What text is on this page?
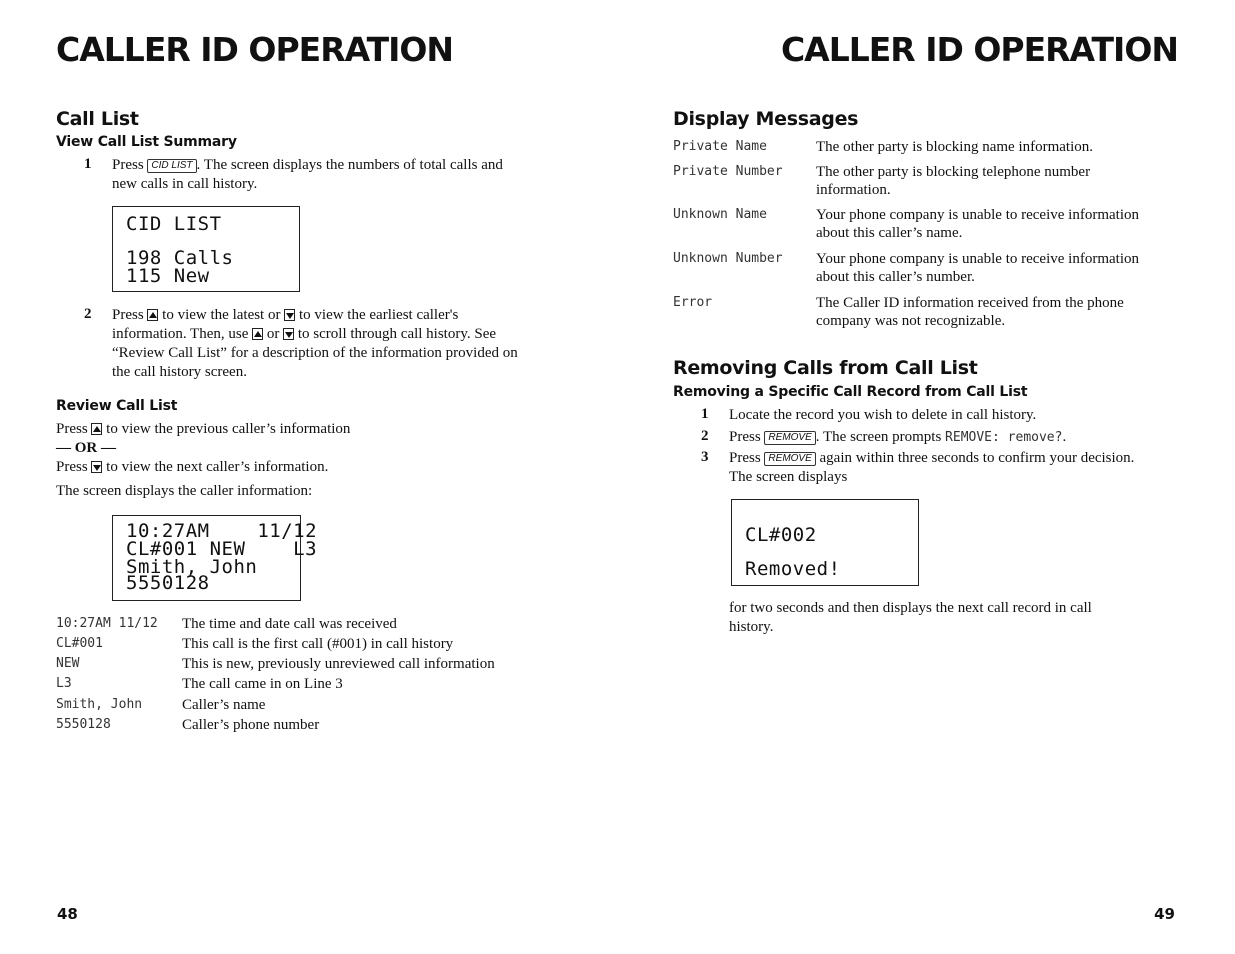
CALLER ID OPERATION
Call List
View Call List Summary
1 Press CID LIST . The screen displays the numbers of total calls and
new calls in call history.

CID LIST
198 Calls
115 New
2 Press to view the latest or to view the earliest caller's
information. Then, use or to scroll through call history. See
“Review Call List” for a description of the information provided on
the call history screen.

Review Call List

Press to view the previous caller’s information
— OR —
Press to view the next caller’s information.

The screen displays the caller information:

10:27AM    11/12
CL#001 NEW    L3
Smith, John
5550128
10:27AM 11/12 The time and date call was received
CL#001	This call is the first call (#001) in call history
NEW	This is new, previously unreviewed call information
L3	The call came in on Line 3
Smith, John	Caller’s name
5550128	Caller’s phone number
48
CALLER ID OPERATION
Display Messages
Private Name	The other party is blocking name information.
Private Number The other party is blocking telephone number
information.
Unknown Name	Your phone company is unable to receive information
about this caller’s name.
Unknown Number Your phone company is unable to receive information
about this caller’s number.
Error	The Caller ID information received from the phone
company was not recognizable.
Removing Calls from Call List
Removing a Specific Call Record from Call List
1 Locate the record you wish to delete in call history.

2 Press REMOVE . The screen prompts REMOVE: remove?.

3 Press REMOVE again within three seconds to confirm your decision.
The screen displays

CL#002
Removed!

for two seconds and then displays the next call record in call
history.

49
